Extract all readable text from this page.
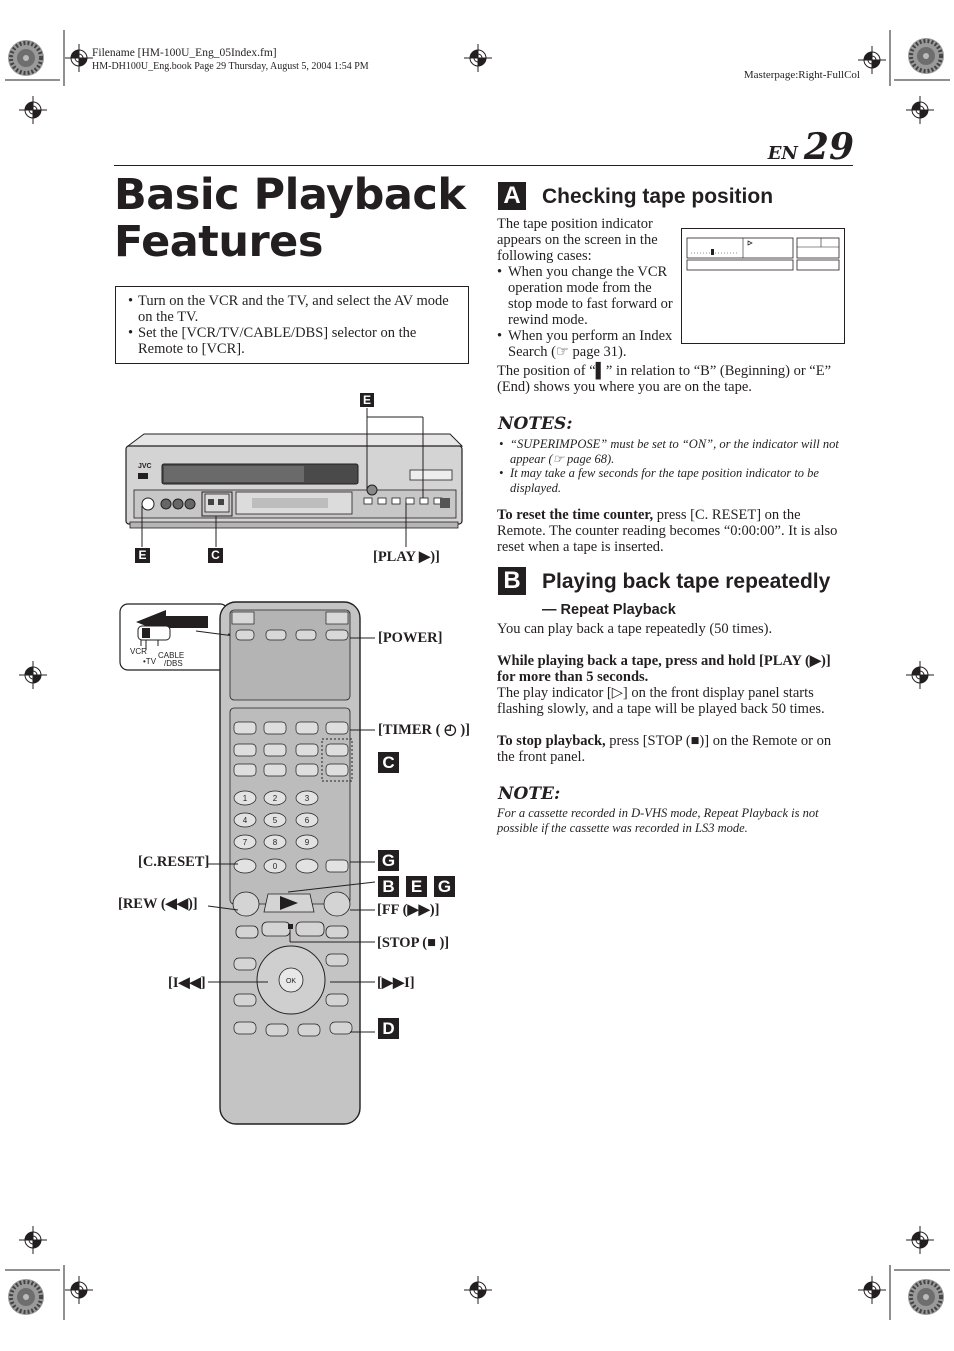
Filename [HM-100U_Eng_05Index.fm]
HM-DH100U_Eng.book Page 29 Thursday, August 5, 2004 1:54 PM
Masterpage:Right-FullCol
EN 29
Basic Playback
Features
• Turn on the VCR and the TV, and select the AV mode on the TV.
• Set the [VCR/TV/CABLE/DBS] selector on the Remote to [VCR].
JVC
E
E	C	[PLAY ▶)]
VCR
•TV
CABLE
/DBS
1	2	3
4	5	6
7	8	9
0
OK
[POWER]
[TIMER ( ◴ )]
C
[C.RESET]	G
B E G
[REW (◀◀)]	[FF (▶▶)]
[STOP (■ )]
[I◀◀]	[▶▶I]
D
A Checking tape position
The tape position indicator appears on the screen in the following cases:
• When you change the VCR operation mode from the stop mode to fast forward or rewind mode.
• When you perform an Index Search (☞ page 31).
The position of “▌” in relation to “B” (Beginning) or “E” (End) shows you where you are on the tape.
NOTES:
• “SUPERIMPOSE” must be set to “ON”, or the indicator will not appear (☞ page 68).
• It may take a few seconds for the tape position indicator to be displayed.
To reset the time counter, press [C. RESET] on the Remote. The counter reading becomes “0:00:00”. It is also reset when a tape is inserted.
B Playing back tape repeatedly
— Repeat Playback
You can play back a tape repeatedly (50 times).
While playing back a tape, press and hold [PLAY (▶)] for more than 5 seconds.
The play indicator [▷] on the front display panel starts flashing slowly, and a tape will be played back 50 times.
To stop playback, press [STOP (■)] on the Remote or on the front panel.
NOTE:
For a cassette recorded in D-VHS mode, Repeat Playback is not possible if the cassette was recorded in LS3 mode.
